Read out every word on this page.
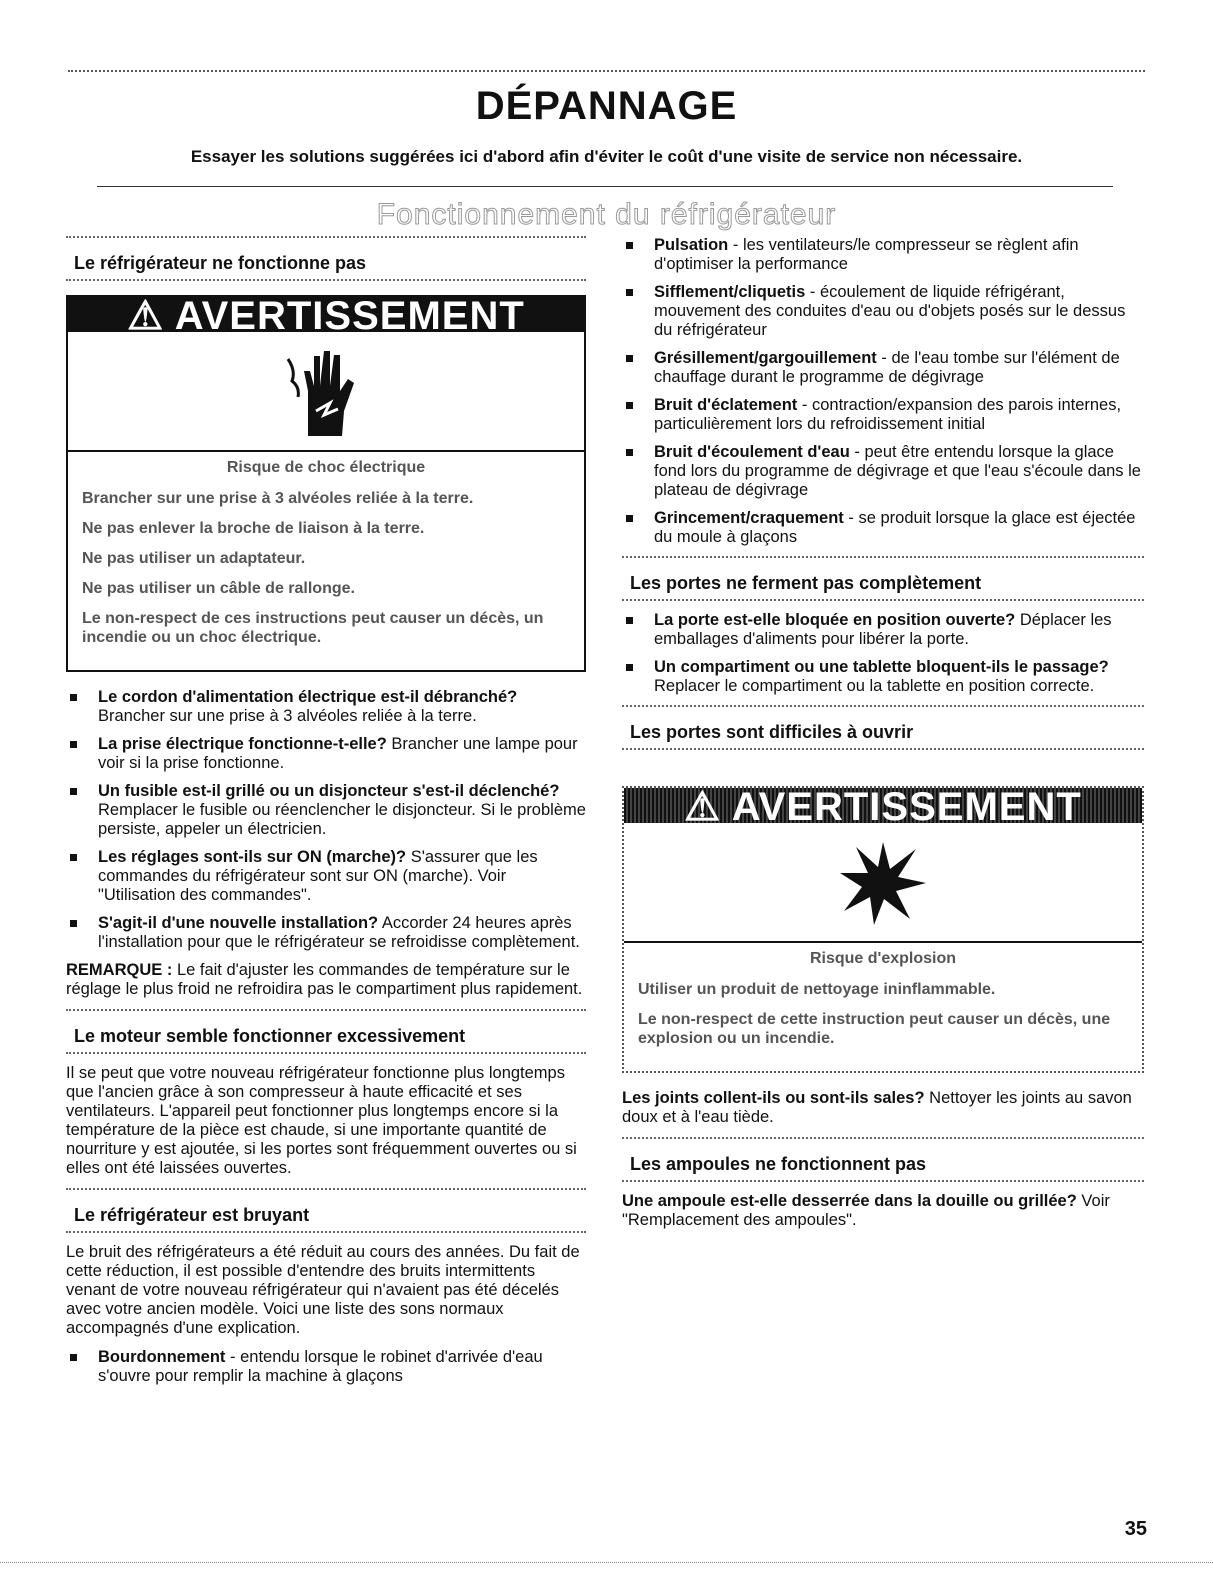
DÉPANNAGE
Essayer les solutions suggérées ici d'abord afin d'éviter le coût d'une visite de service non nécessaire.
Fonctionnement du réfrigérateur
Le réfrigérateur ne fonctionne pas
⚠ AVERTISSEMENT
Risque de choc électrique
Brancher sur une prise à 3 alvéoles reliée à la terre.
Ne pas enlever la broche de liaison à la terre.
Ne pas utiliser un adaptateur.
Ne pas utiliser un câble de rallonge.
Le non-respect de ces instructions peut causer un décès, un incendie ou un choc électrique.
Le cordon d'alimentation électrique est-il débranché?
Brancher sur une prise à 3 alvéoles reliée à la terre.
La prise électrique fonctionne-t-elle? Brancher une lampe pour voir si la prise fonctionne.
Un fusible est-il grillé ou un disjoncteur s'est-il déclenché? Remplacer le fusible ou réenclencher le disjoncteur. Si le problème persiste, appeler un électricien.
Les réglages sont-ils sur ON (marche)? S'assurer que les commandes du réfrigérateur sont sur ON (marche). Voir "Utilisation des commandes".
S'agit-il d'une nouvelle installation? Accorder 24 heures après l'installation pour que le réfrigérateur se refroidisse complètement.

REMARQUE : Le fait d'ajuster les commandes de température sur le réglage le plus froid ne refroidira pas le compartiment plus rapidement.

Le moteur semble fonctionner excessivement

Il se peut que votre nouveau réfrigérateur fonctionne plus longtemps que l'ancien grâce à son compresseur à haute efficacité et ses ventilateurs. L'appareil peut fonctionner plus longtemps encore si la température de la pièce est chaude, si une importante quantité de nourriture y est ajoutée, si les portes sont fréquemment ouvertes ou si elles ont été laissées ouvertes.

Le réfrigérateur est bruyant

Le bruit des réfrigérateurs a été réduit au cours des années. Du fait de cette réduction, il est possible d'entendre des bruits intermittents venant de votre nouveau réfrigérateur qui n'avaient pas été décelés avec votre ancien modèle. Voici une liste des sons normaux accompagnés d'une explication.

Bourdonnement - entendu lorsque le robinet d'arrivée d'eau s'ouvre pour remplir la machine à glaçons
Pulsation - les ventilateurs/le compresseur se règlent afin d'optimiser la performance
Sifflement/cliquetis - écoulement de liquide réfrigérant, mouvement des conduites d'eau ou d'objets posés sur le dessus du réfrigérateur
Grésillement/gargouillement - de l'eau tombe sur l'élément de chauffage durant le programme de dégivrage
Bruit d'éclatement - contraction/expansion des parois internes, particulièrement lors du refroidissement initial
Bruit d'écoulement d'eau - peut être entendu lorsque la glace fond lors du programme de dégivrage et que l'eau s'écoule dans le plateau de dégivrage
Grincement/craquement - se produit lorsque la glace est éjectée du moule à glaçons
Les portes ne ferment pas complètement
La porte est-elle bloquée en position ouverte? Déplacer les emballages d'aliments pour libérer la porte.
Un compartiment ou une tablette bloquent-ils le passage? Replacer le compartiment ou la tablette en position correcte.
Les portes sont difficiles à ouvrir
⚠ AVERTISSEMENT
Risque d'explosion
Utiliser un produit de nettoyage ininflammable.
Le non-respect de cette instruction peut causer un décès, une explosion ou un incendie.

Les joints collent-ils ou sont-ils sales? Nettoyer les joints au savon doux et à l'eau tiède.

Les ampoules ne fonctionnent pas

Une ampoule est-elle desserrée dans la douille ou grillée? Voir "Remplacement des ampoules".

35
